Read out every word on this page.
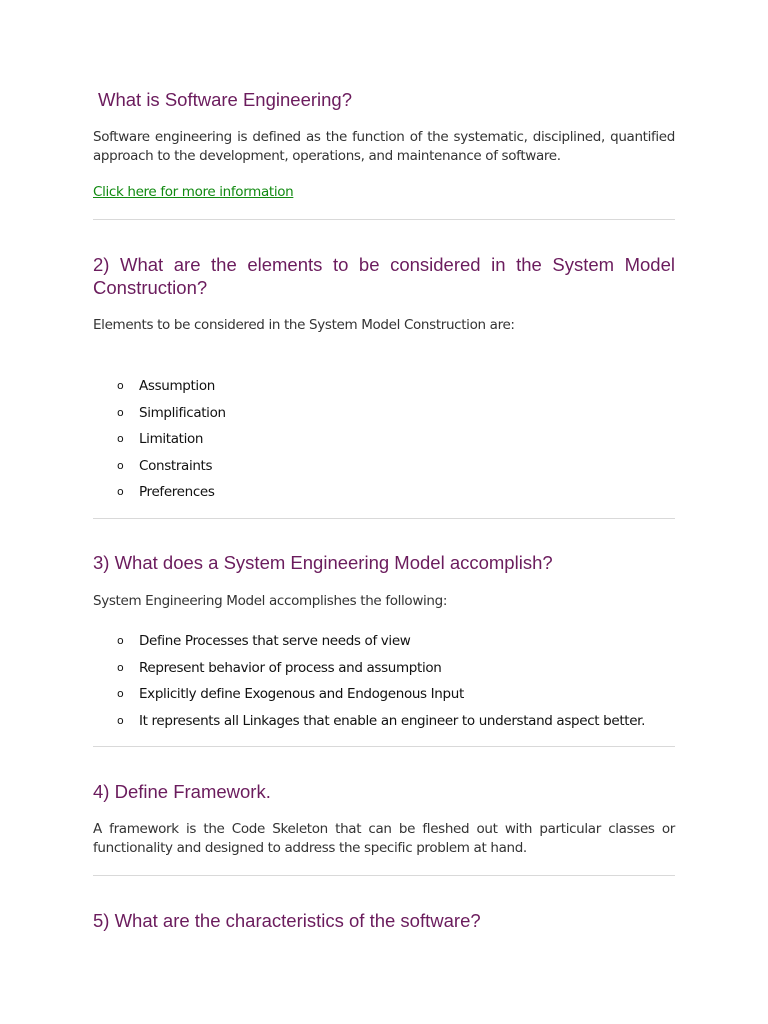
What is Software Engineering?

Software engineering is defined as the function of the systematic, disciplined, quantified approach to the development, operations, and maintenance of software.

Click here for more information
2) What are the elements to be considered in the System Model Construction?

Elements to be considered in the System Model Construction are:

o Assumption
o Simplification
o Limitation
o Constraints
o Preferences
3) What does a System Engineering Model accomplish?

System Engineering Model accomplishes the following:

o Define Processes that serve needs of view
o Represent behavior of process and assumption
o Explicitly define Exogenous and Endogenous Input
o It represents all Linkages that enable an engineer to understand aspect better.
4) Define Framework.

A framework is the Code Skeleton that can be fleshed out with particular classes or functionality and designed to address the specific problem at hand.

5) What are the characteristics of the software?
